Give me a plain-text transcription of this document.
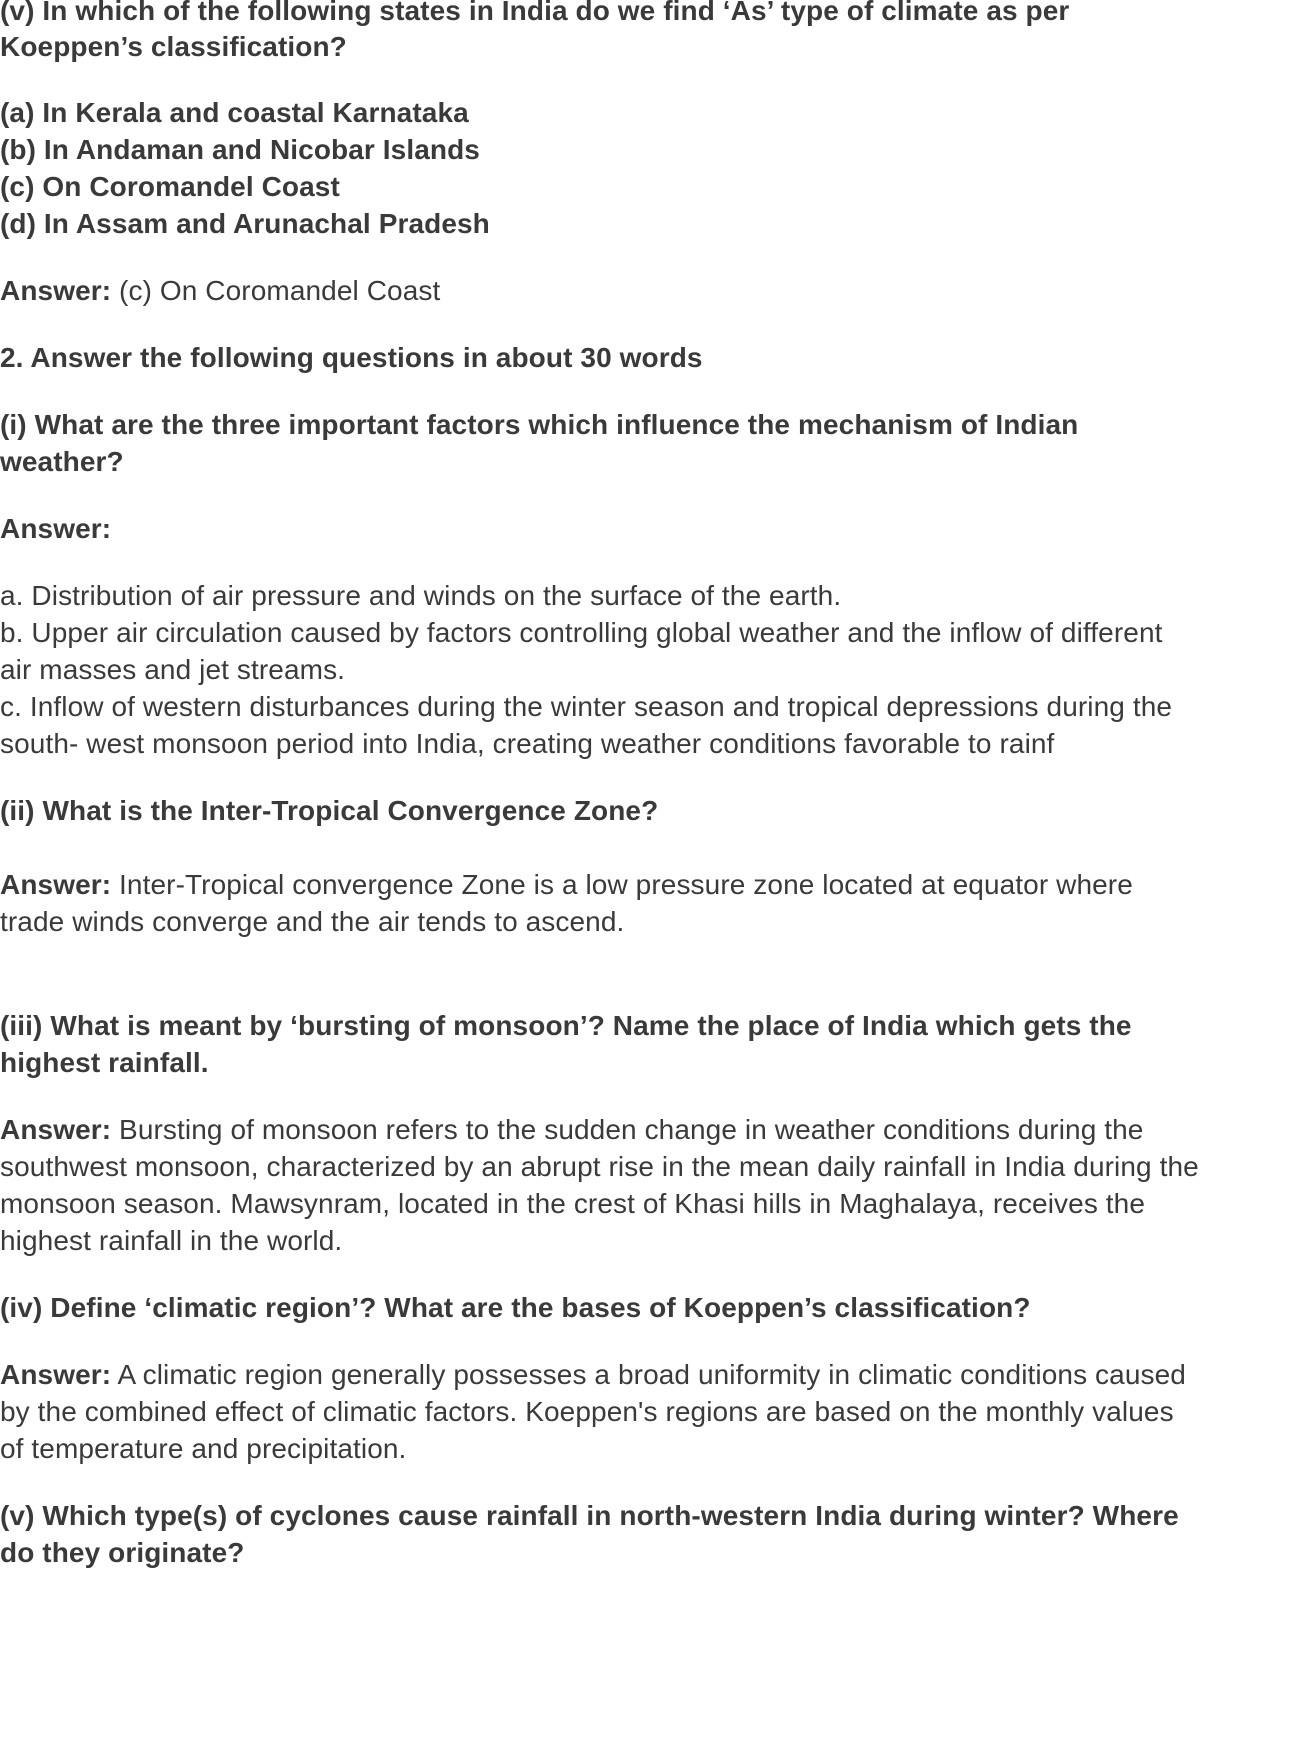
(v) In which of the following states in India do we find ‘As’ type of climate as per

Koeppen’s classification?

(a) In Kerala and coastal Karnataka

(b) In Andaman and Nicobar Islands

(c) On Coromandel Coast

(d) In Assam and Arunachal Pradesh

Answer: (c) On Coromandel Coast

2. Answer the following questions in about 30 words

(i) What are the three important factors which influence the mechanism of Indian

weather?

Answer:

a. Distribution of air pressure and winds on the surface of the earth.

b. Upper air circulation caused by factors controlling global weather and the inflow of different

air masses and jet streams.

c. Inflow of western disturbances during the winter season and tropical depressions during the

south- west monsoon period into India, creating weather conditions favorable to rainf

(ii) What is the Inter-Tropical Convergence Zone?

Answer: Inter-Tropical convergence Zone is a low pressure zone located at equator where

trade winds converge and the air tends to ascend.

(iii) What is meant by ‘bursting of monsoon’? Name the place of India which gets the

highest rainfall.

Answer: Bursting of monsoon refers to the sudden change in weather conditions during the

southwest monsoon, characterized by an abrupt rise in the mean daily rainfall in India during the

monsoon season. Mawsynram, located in the crest of Khasi hills in Maghalaya, receives the

highest rainfall in the world.

(iv) Define ‘climatic region’? What are the bases of Koeppen’s classification?

Answer: A climatic region generally possesses a broad uniformity in climatic conditions caused

by the combined effect of climatic factors. Koeppen's regions are based on the monthly values

of temperature and precipitation.

(v) Which type(s) of cyclones cause rainfall in north-western India during winter? Where

do they originate?
